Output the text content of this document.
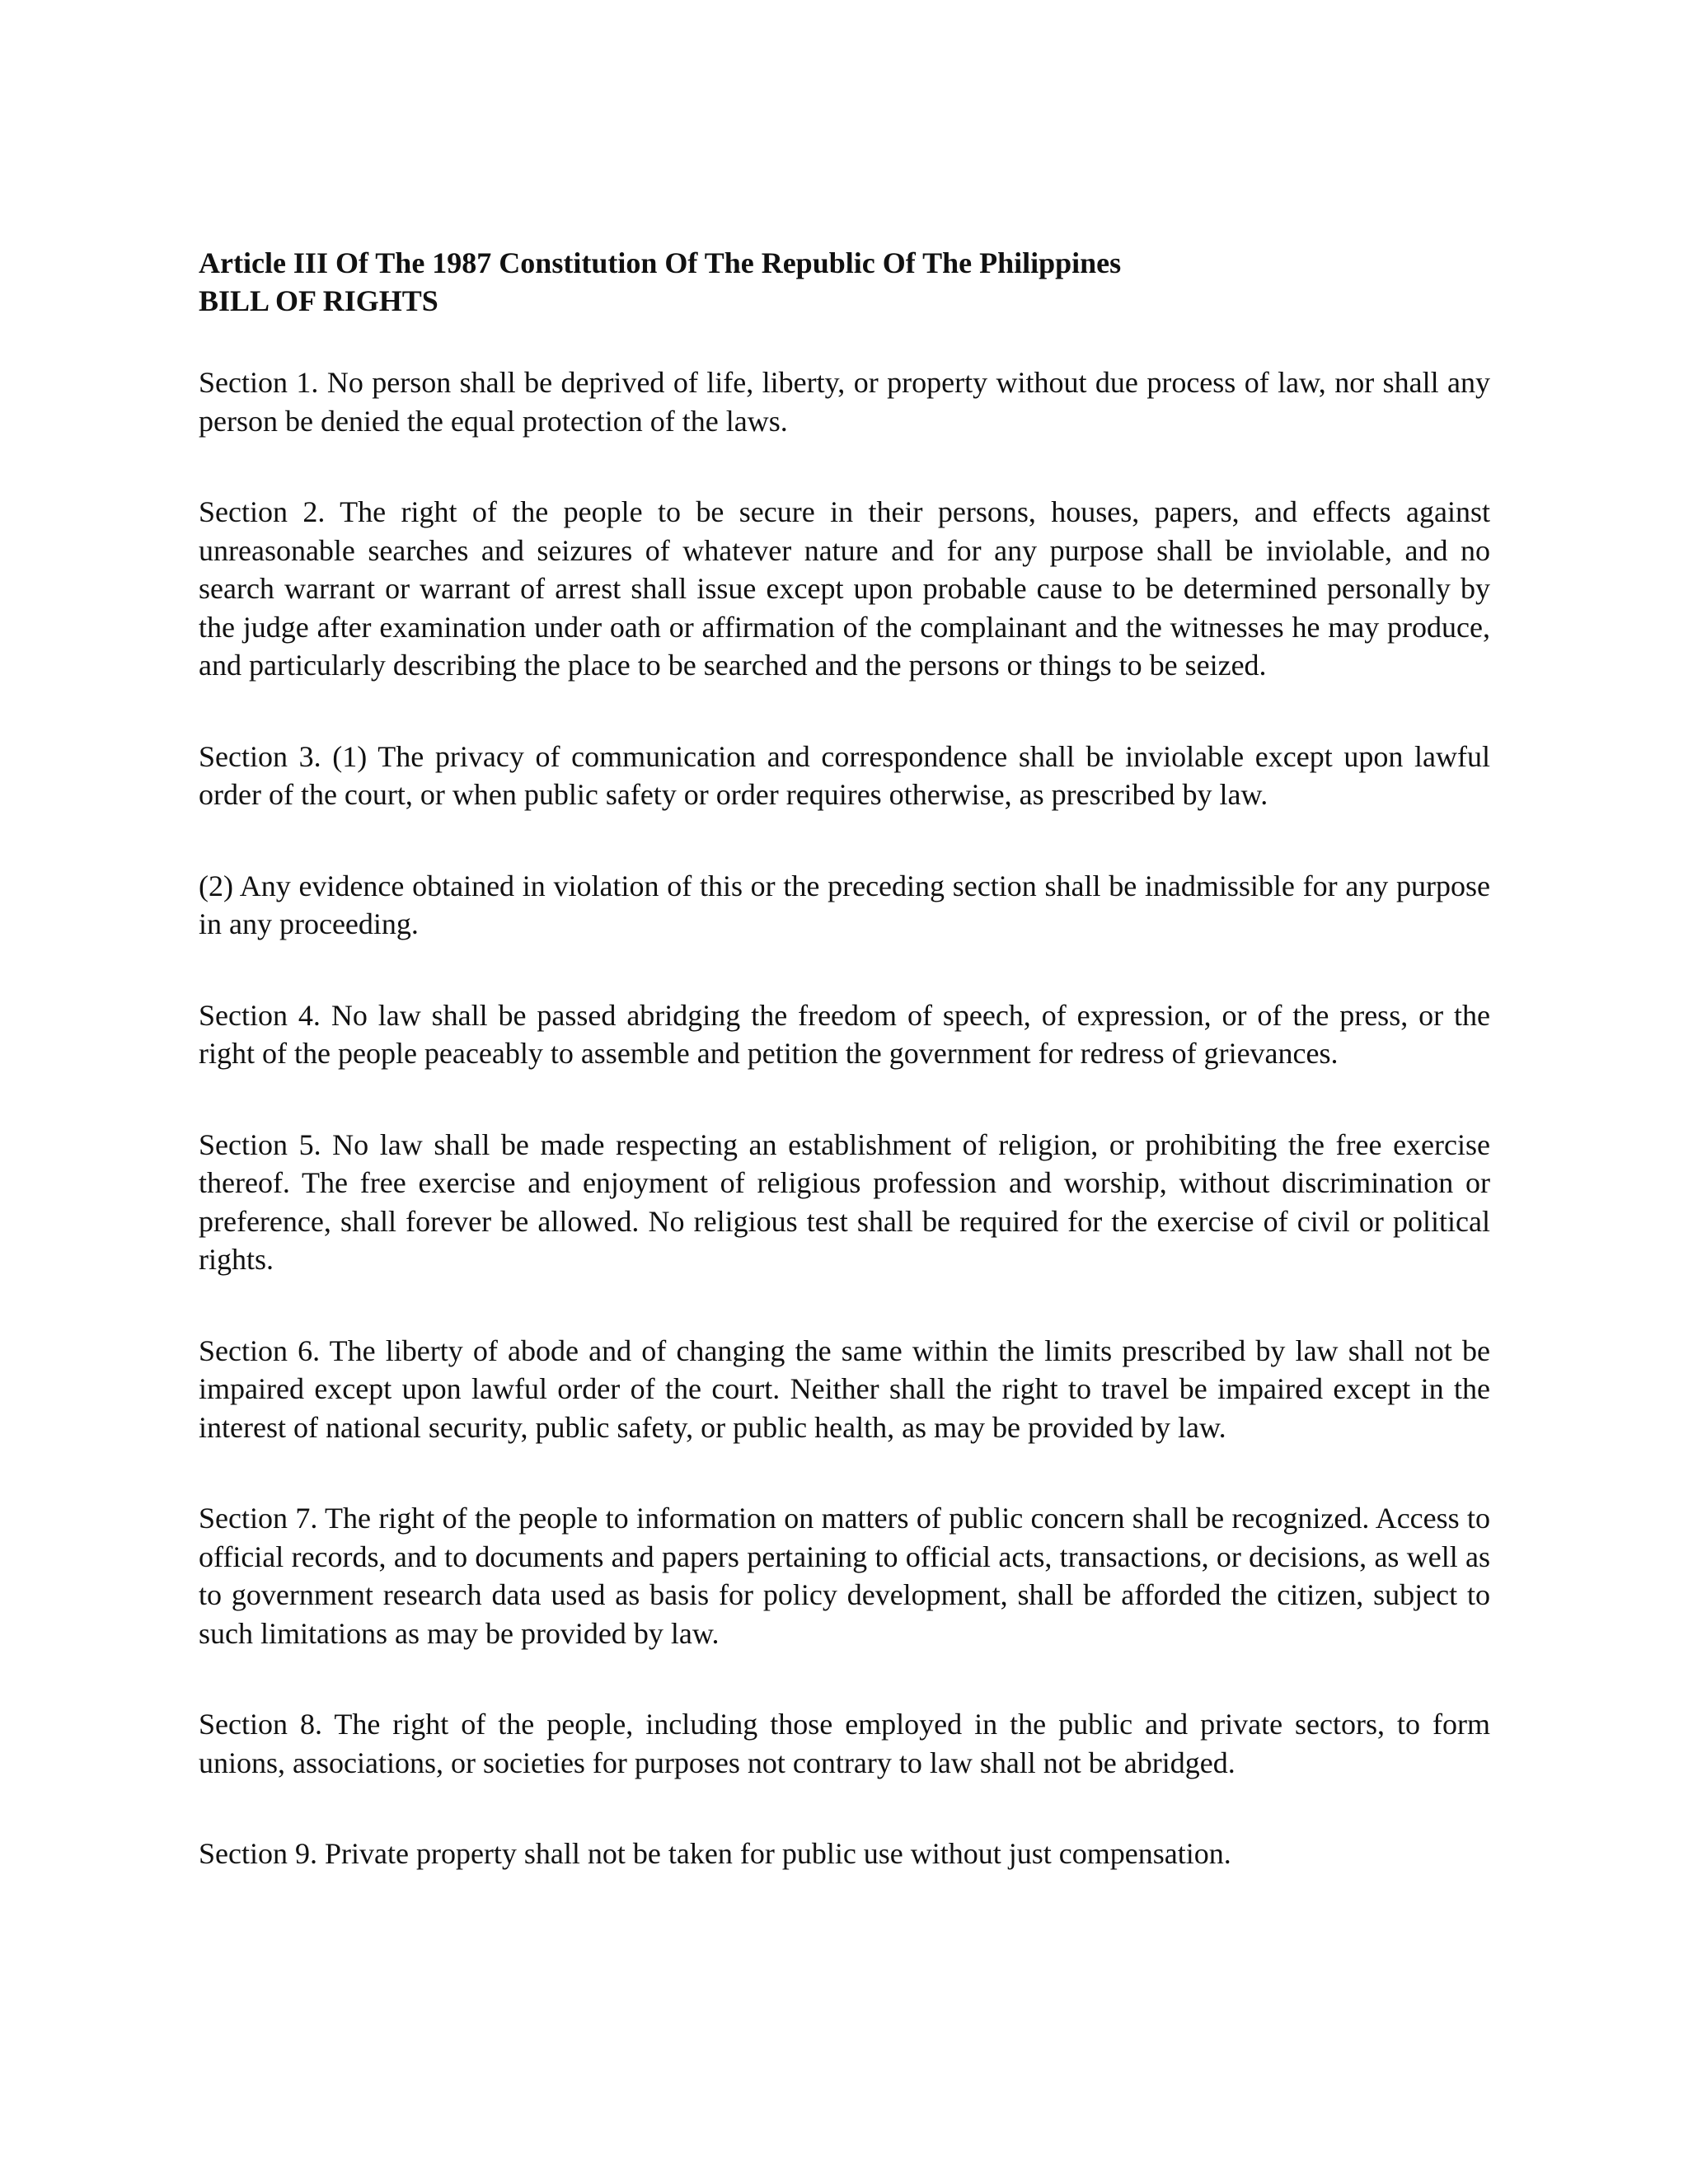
Article III Of The 1987 Constitution Of The Republic Of The Philippines
BILL OF RIGHTS

Section 1. No person shall be deprived of life, liberty, or property without due process of law, nor shall any person be denied the equal protection of the laws.

Section 2. The right of the people to be secure in their persons, houses, papers, and effects against unreasonable searches and seizures of whatever nature and for any purpose shall be inviolable, and no search warrant or warrant of arrest shall issue except upon probable cause to be determined personally by the judge after examination under oath or affirmation of the complainant and the witnesses he may produce, and particularly describing the place to be searched and the persons or things to be seized.

Section 3. (1) The privacy of communication and correspondence shall be inviolable except upon lawful order of the court, or when public safety or order requires otherwise, as prescribed by law.

(2) Any evidence obtained in violation of this or the preceding section shall be inadmissible for any purpose in any proceeding.

Section 4. No law shall be passed abridging the freedom of speech, of expression, or of the press, or the right of the people peaceably to assemble and petition the government for redress of grievances.

Section 5. No law shall be made respecting an establishment of religion, or prohibiting the free exercise thereof. The free exercise and enjoyment of religious profession and worship, without discrimination or preference, shall forever be allowed. No religious test shall be required for the exercise of civil or political rights.

Section 6. The liberty of abode and of changing the same within the limits prescribed by law shall not be impaired except upon lawful order of the court. Neither shall the right to travel be impaired except in the interest of national security, public safety, or public health, as may be provided by law.

Section 7. The right of the people to information on matters of public concern shall be recognized. Access to official records, and to documents and papers pertaining to official acts, transactions, or decisions, as well as to government research data used as basis for policy development, shall be afforded the citizen, subject to such limitations as may be provided by law.

Section 8. The right of the people, including those employed in the public and private sectors, to form unions, associations, or societies for purposes not contrary to law shall not be abridged.

Section 9. Private property shall not be taken for public use without just compensation.
